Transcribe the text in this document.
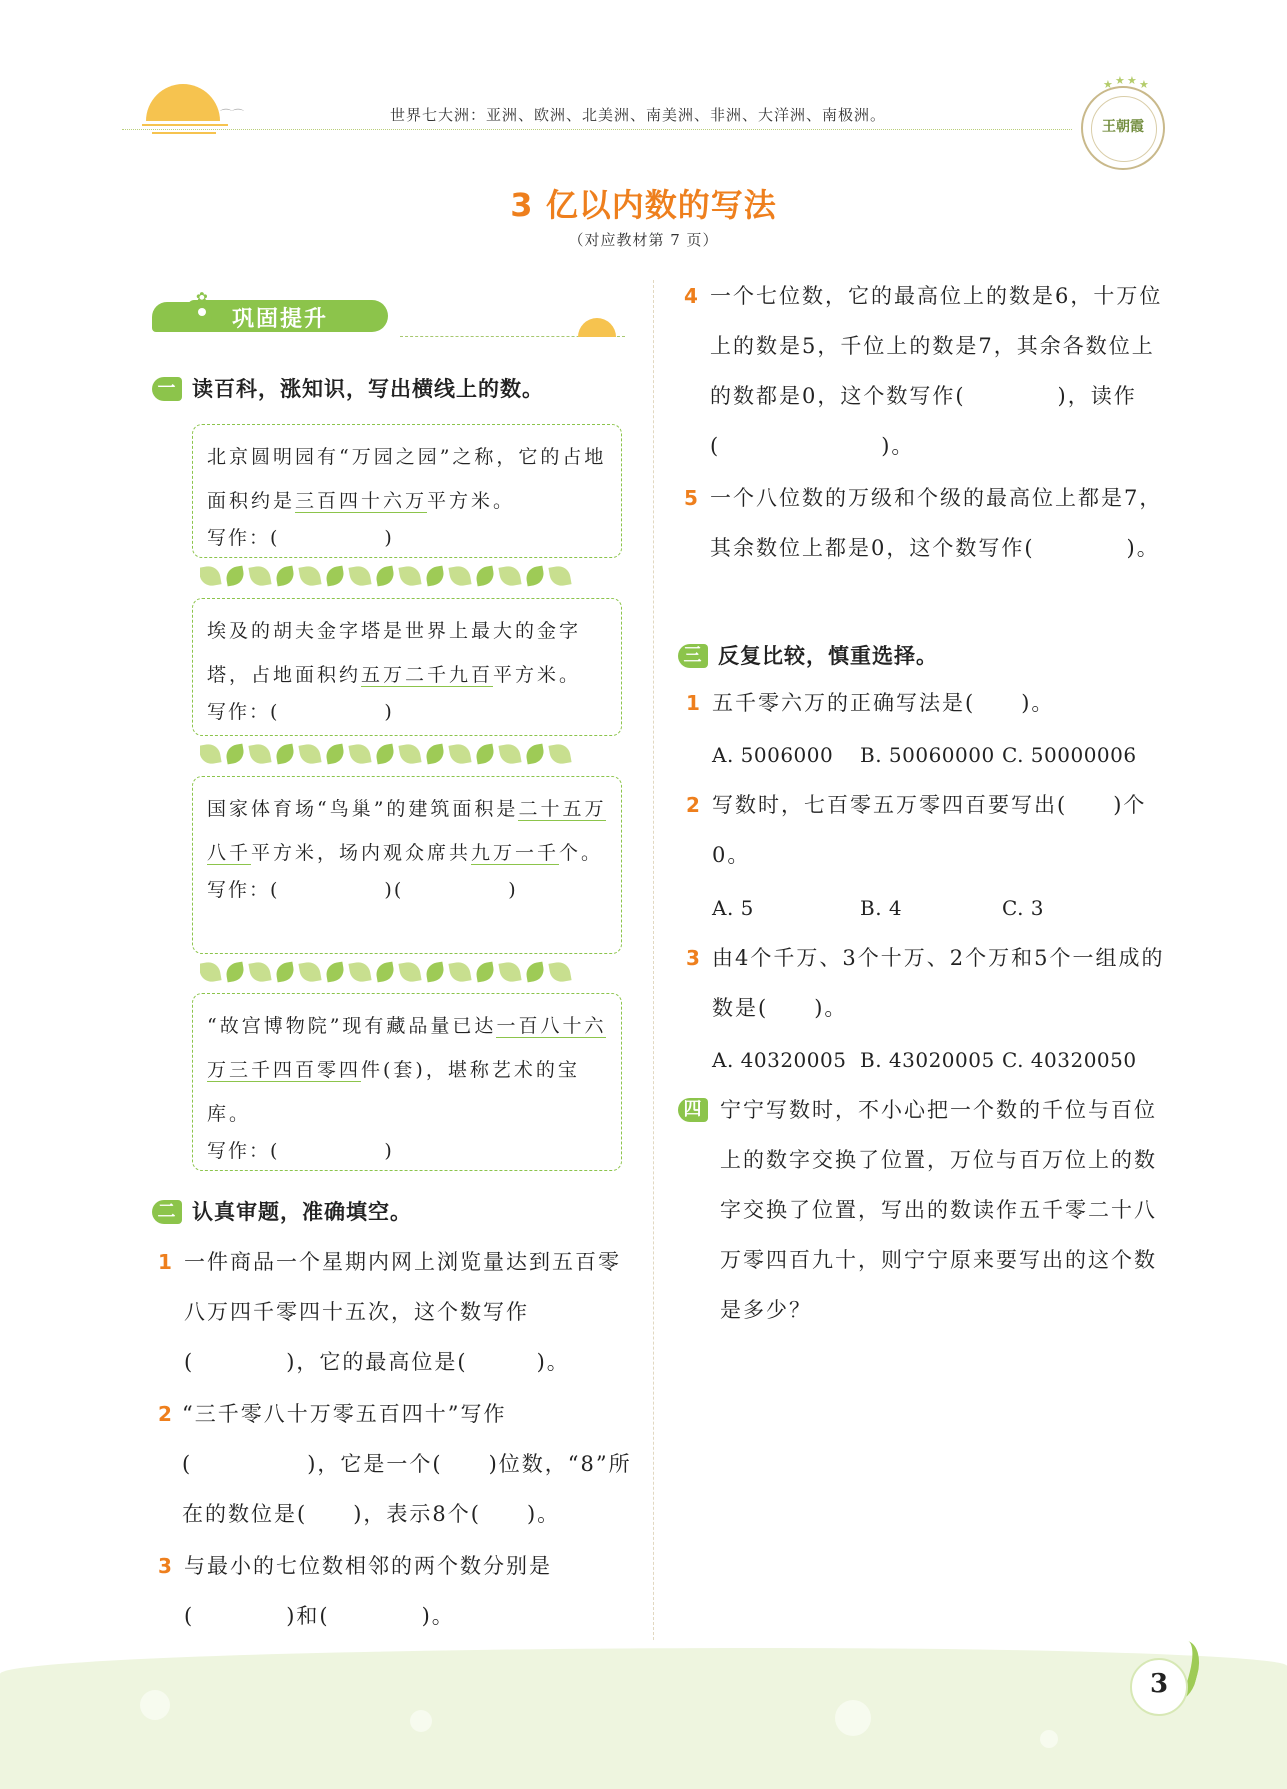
⌒⌒	世界七大洲：亚洲、欧洲、北美洲、南美洲、非洲、大洋洲、南极洲。
★ ★ ★ ★
王朝霞
3 亿以内数的写法
（对应教材第 7 页）
✿
巩固提升
一 读百科，涨知识，写出横线上的数。
北京圆明园有“万园之园”之称，它的占地面积约是三百四十六万平方米。
写作：(　　　　　)
埃及的胡夫金字塔是世界上最大的金字塔，占地面积约五万二千九百平方米。
写作：(　　　　　)
国家体育场“鸟巢”的建筑面积是二十五万八千平方米，场内观众席共九万一千个。
写作：(　　　　　)(　　　　　)
“故宫博物院”现有藏品量已达一百八十六万三千四百零四件(套)，堪称艺术的宝库。
写作：(　　　　　)
二 认真审题，准确填空。
1 一件商品一个星期内网上浏览量达到五百零八万四千零四十五次，这个数写作(　　　　)，它的最高位是(　　　)。
2 “三千零八十万零五百四十”写作(　　　　　)，它是一个(　　)位数，“8”所在的数位是(　　)，表示8个(　　)。
3 与最小的七位数相邻的两个数分别是(　　　　)和(　　　　)。
4 一个七位数，它的最高位上的数是6，十万位上的数是5，千位上的数是7，其余各数位上的数都是0，这个数写作(　　　　)，读作(　　　　　　　)。
5 一个八位数的万级和个级的最高位上都是7，其余数位上都是0，这个数写作(　　　　)。
三 反复比较，慎重选择。
1 五千零六万的正确写法是(　　)。
A. 5006000 B. 50060000 C. 50000006
2 写数时，七百零五万零四百要写出(　　)个0。
A. 5	B. 4	C. 3
3 由4个千万、3个十万、2个万和5个一组成的数是(　　)。
A. 40320005 B. 43020005 C. 40320050
四 宁宁写数时，不小心把一个数的千位与百位上的数字交换了位置，万位与百万位上的数字交换了位置，写出的数读作五千零二十八万零四百九十，则宁宁原来要写出的这个数是多少？
3
